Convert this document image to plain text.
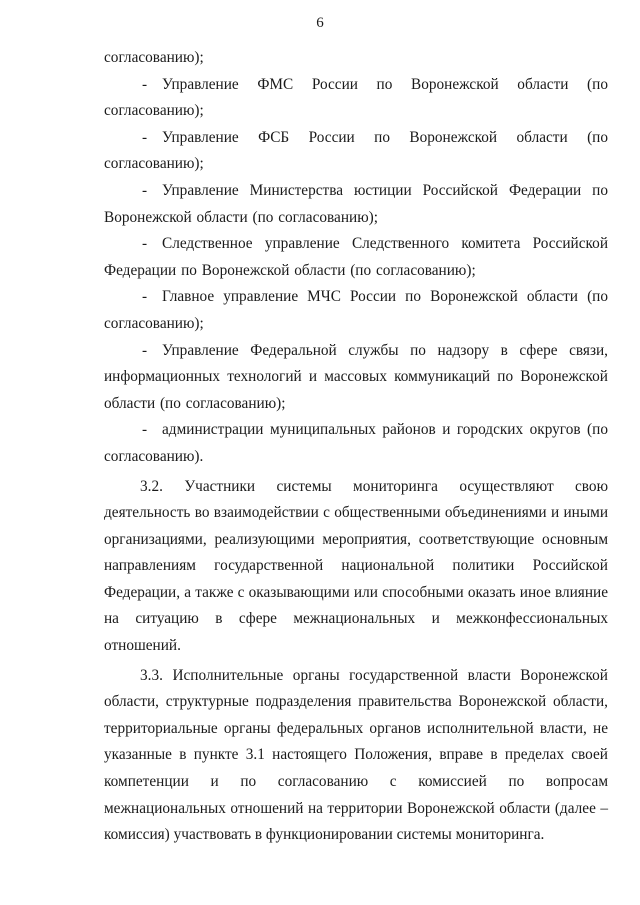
6

согласованию);

- Управление ФМС России по Воронежской области (по согласованию);

- Управление ФСБ России по Воронежской области (по согласованию);

- Управление Министерства юстиции Российской Федерации по Воронежской области (по согласованию);

- Следственное управление Следственного комитета Российской Федерации по Воронежской области (по согласованию);

- Главное управление МЧС России по Воронежской области (по согласованию);

- Управление Федеральной службы по надзору в сфере связи, информационных технологий и массовых коммуникаций по Воронежской области (по согласованию);

- администрации муниципальных районов и городских округов (по согласованию).

3.2. Участники системы мониторинга осуществляют свою деятельность во взаимодействии с общественными объединениями и иными организациями, реализующими мероприятия, соответствующие основным направлениям государственной национальной политики Российской Федерации, а также с оказывающими или способными оказать иное влияние на ситуацию в сфере межнациональных и межконфессиональных отношений.

3.3. Исполнительные органы государственной власти Воронежской области, структурные подразделения правительства Воронежской области, территориальные органы федеральных органов исполнительной власти, не указанные в пункте 3.1 настоящего Положения, вправе в пределах своей компетенции и по согласованию с комиссией по вопросам межнациональных отношений на территории Воронежской области (далее – комиссия) участвовать в функционировании системы мониторинга.
